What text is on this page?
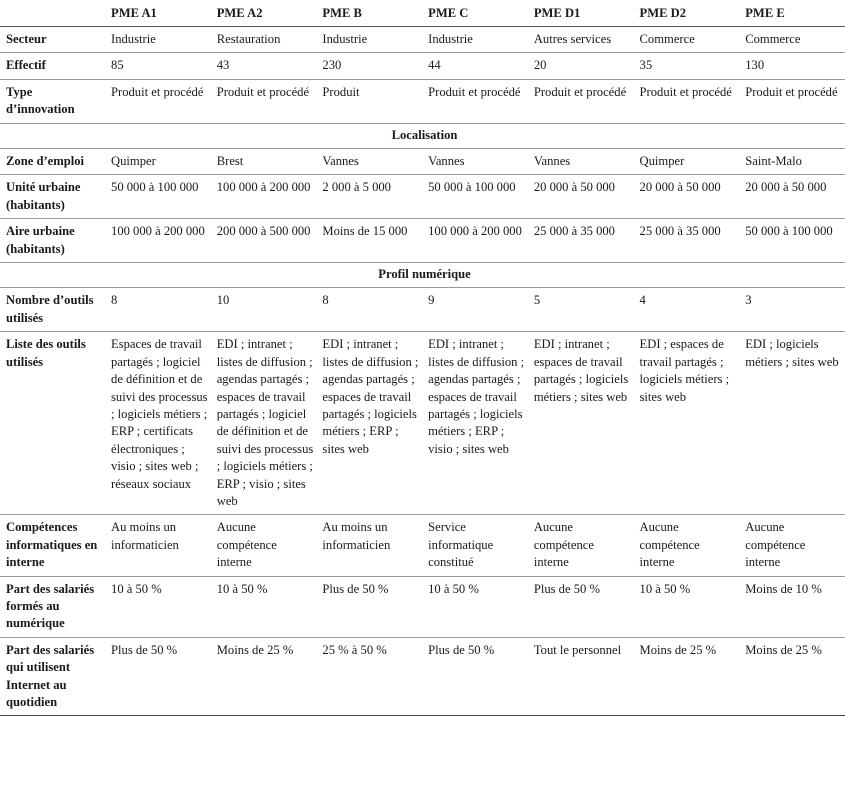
	PME A1	PME A2	PME B	PME C	PME D1	PME D2	PME E
Secteur	Industrie	Restauration	Industrie	Industrie	Autres services	Commerce	Commerce
Effectif	85	43	230	44	20	35	130
Type d’innovation	Produit et procédé	Produit et procédé	Produit	Produit et procédé	Produit et procédé	Produit et procédé	Produit et procédé
Localisation							
Zone d’emploi	Quimper	Brest	Vannes	Vannes	Vannes	Quimper	Saint-Malo
Unité urbaine (habitants)	50 000 à 100 000	100 000 à 200 000	2 000 à 5 000	50 000 à 100 000	20 000 à 50 000	20 000 à 50 000	20 000 à 50 000
Aire urbaine (habitants)	100 000 à 200 000	200 000 à 500 000	Moins de 15 000	100 000 à 200 000	25 000 à 35 000	25 000 à 35 000	50 000 à 100 000
Profil numérique							
Nombre d’outils utilisés	8	10	8	9	5	4	3
Liste des outils utilisés	Espaces de travail partagés ; logiciel de définition et de suivi des processus ; logiciels métiers ; ERP ; certificats électroniques ; visio ; sites web ; réseaux sociaux	EDI ; intranet ; listes de diffusion ; agendas partagés ; espaces de travail partagés ; logiciel de définition et de suivi des processus ; logiciels métiers ; ERP ; visio ; sites web	EDI ; intranet ; listes de diffusion ; agendas partagés ; espaces de travail partagés ; logiciels métiers ; ERP ; sites web	EDI ; intranet ; listes de diffusion ; agendas partagés ; espaces de travail partagés ; logiciels métiers ; ERP ; visio ; sites web	EDI ; intranet ; espaces de travail partagés ; logiciels métiers ; sites web	EDI ; espaces de travail partagés ; logiciels métiers ; sites web	EDI ; logiciels métiers ; sites web
Compétences informatiques en interne	Au moins un informaticien	Aucune compétence interne	Au moins un informaticien	Service informatique constitué	Aucune compétence interne	Aucune compétence interne	Aucune compétence interne
Part des salariés formés au numérique	10 à 50 %	10 à 50 %	Plus de 50 %	10 à 50 %	Plus de 50 %	10 à 50 %	Moins de 10 %
Part des salariés qui utilisent Internet au quotidien	Plus de 50 %	Moins de 25 %	25 % à 50 %	Plus de 50 %	Tout le personnel	Moins de 25 %	Moins de 25 %
